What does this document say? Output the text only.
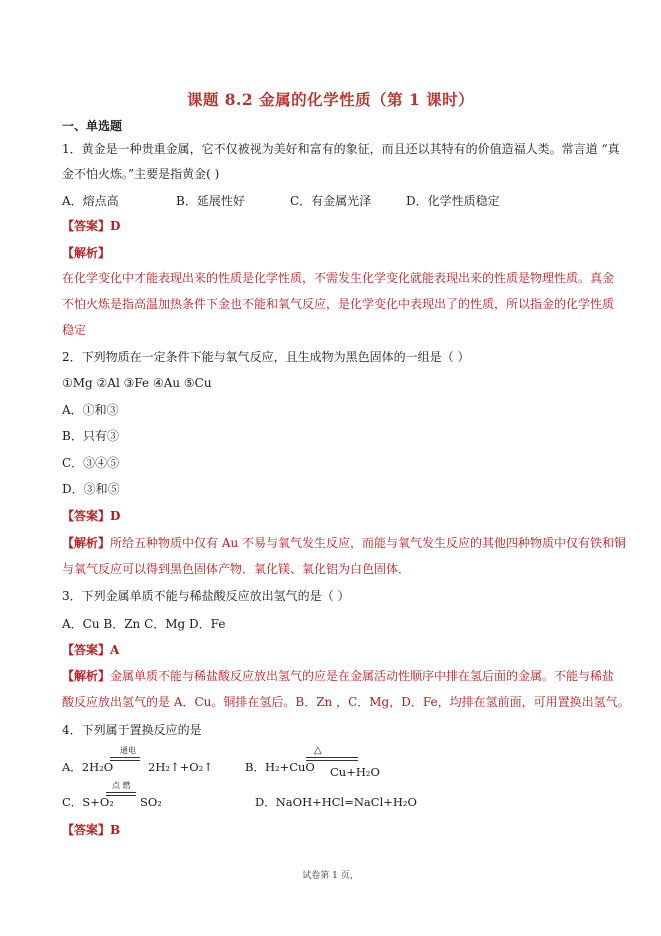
课题 8.2 金属的化学性质（第 1 课时）
一、单选题
1．黄金是一种贵重金属，它不仅被视为美好和富有的象征，而且还以其特有的价值造福人类。常言道 “真
金不怕火炼。”主要是指黄金( )
A．熔点高	B．延展性好	C．有金属光泽	D．化学性质稳定
【答案】D
【解析】
在化学变化中才能表现出来的性质是化学性质，不需发生化学变化就能表现出来的性质是物理性质。真金
不怕火炼是指高温加热条件下金也不能和氧气反应，是化学变化中表现出了的性质，所以指金的化学性质
稳定
2．下列物质在一定条件下能与氧气反应，且生成物为黑色固体的一组是（ ）
①Mg ②Al ③Fe ④Au ⑤Cu
A．①和③
B．只有③
C．③④⑤
D．③和⑤
【答案】D
【解析】所给五种物质中仅有 Au 不易与氧气发生反应，而能与氧气发生反应的其他四种物质中仅有铁和铜
与氧气反应可以得到黑色固体产物．氧化镁、氧化铝为白色固体．
3．下列金属单质不能与稀盐酸反应放出氢气的是（ ）
A．Cu B．Zn C．Mg D．Fe
【答案】A
【解析】金属单质不能与稀盐酸反应放出氢气的应是在金属活动性顺序中排在氢后面的金属。不能与稀盐
酸反应放出氢气的是 A．Cu。铜排在氢后。B．Zn ，C．Mg，D．Fe，均排在氢前面，可用置换出氢气。
4．下列属于置换反应的是
A．2H₂O
通电
2H₂↑+O₂↑	B．H₂+CuO
△
Cu+H₂O
C．S+O₂
点 燃
SO₂	D．NaOH+HCl=NaCl+H₂O
【答案】B
试卷第 1 页，
